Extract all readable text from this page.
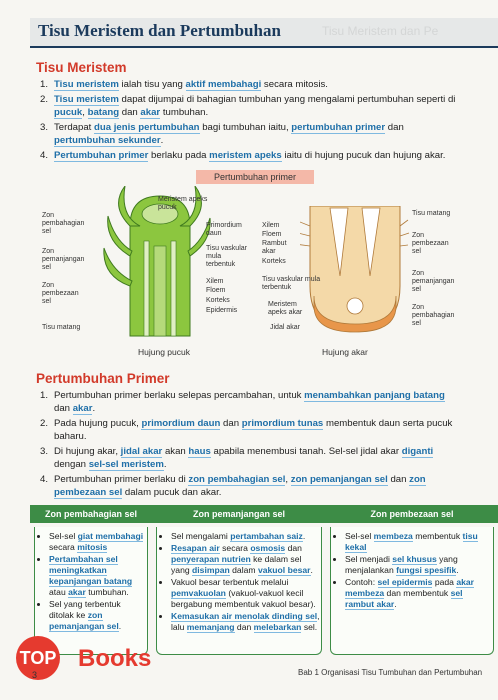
Tisu Meristem dan Pertumbuhan	Tisu Meristem dan Pe
Tisu Meristem
1. Tisu meristem ialah tisu yang aktif membahagi secara mitosis.
2. Tisu meristem dapat dijumpai di bahagian tumbuhan yang mengalami pertumbuhan seperti di pucuk, batang dan akar tumbuhan.
3. Terdapat dua jenis pertumbuhan bagi tumbuhan iaitu, pertumbuhan primer dan pertumbuhan sekunder.
4. Pertumbuhan primer berlaku pada meristem apeks iaitu di hujung pucuk dan hujung akar.
Pertumbuhan primer
Zon pembahagian sel
Zon pemanjangan sel
Zon pembezaan sel
Tisu matang
Meristem apeks pucuk
Primordium daun
Tisu vaskular mula terbentuk
Xilem
Floem
Korteks
Epidermis
Hujung pucuk
Xilem
Floem
Rambut akar
Korteks
Tisu vaskular mula terbentuk
Meristem apeks akar
Jidal akar
Tisu matang
Zon pembezaan sel
Zon pemanjangan sel
Zon pembahagian sel
Hujung akar
Pertumbuhan Primer
1. Pertumbuhan primer berlaku selepas percambahan, untuk menambahkan panjang batang dan akar.
2. Pada hujung pucuk, primordium daun dan primordium tunas membentuk daun serta pucuk baharu.
3. Di hujung akar, jidal akar akan haus apabila menembusi tanah. Sel-sel jidal akar diganti dengan sel-sel meristem.
4. Pertumbuhan primer berlaku di zon pembahagian sel, zon pemanjangan sel dan zon pembezaan sel dalam pucuk dan akar.
Zon pembahagian sel
• Sel-sel giat membahagi secara mitosis
• Pertambahan sel meningkatkan kepanjangan batang atau akar tumbuhan.
• Sel yang terbentuk ditolak ke zon pemanjangan sel.
Zon pemanjangan sel
• Sel mengalami pertambahan saiz.
• Resapan air secara osmosis dan penyerapan nutrien ke dalam sel yang disimpan dalam vakuol besar.
• Vakuol besar terbentuk melalui pemvakuolan (vakuol-vakuol kecil bergabung membentuk vakuol besar).
• Kemasukan air menolak dinding sel, lalu memanjang dan melebarkan sel.
Zon pembezaan sel
• Sel-sel membeza membentuk tisu kekal
• Sel menjadi sel khusus yang menjalankan fungsi spesifik.
• Contoh: sel epidermis pada akar membeza dan membentuk sel rambut akar.
TOP Books
3	Bab 1 Organisasi Tisu Tumbuhan dan Pertumbuhan
